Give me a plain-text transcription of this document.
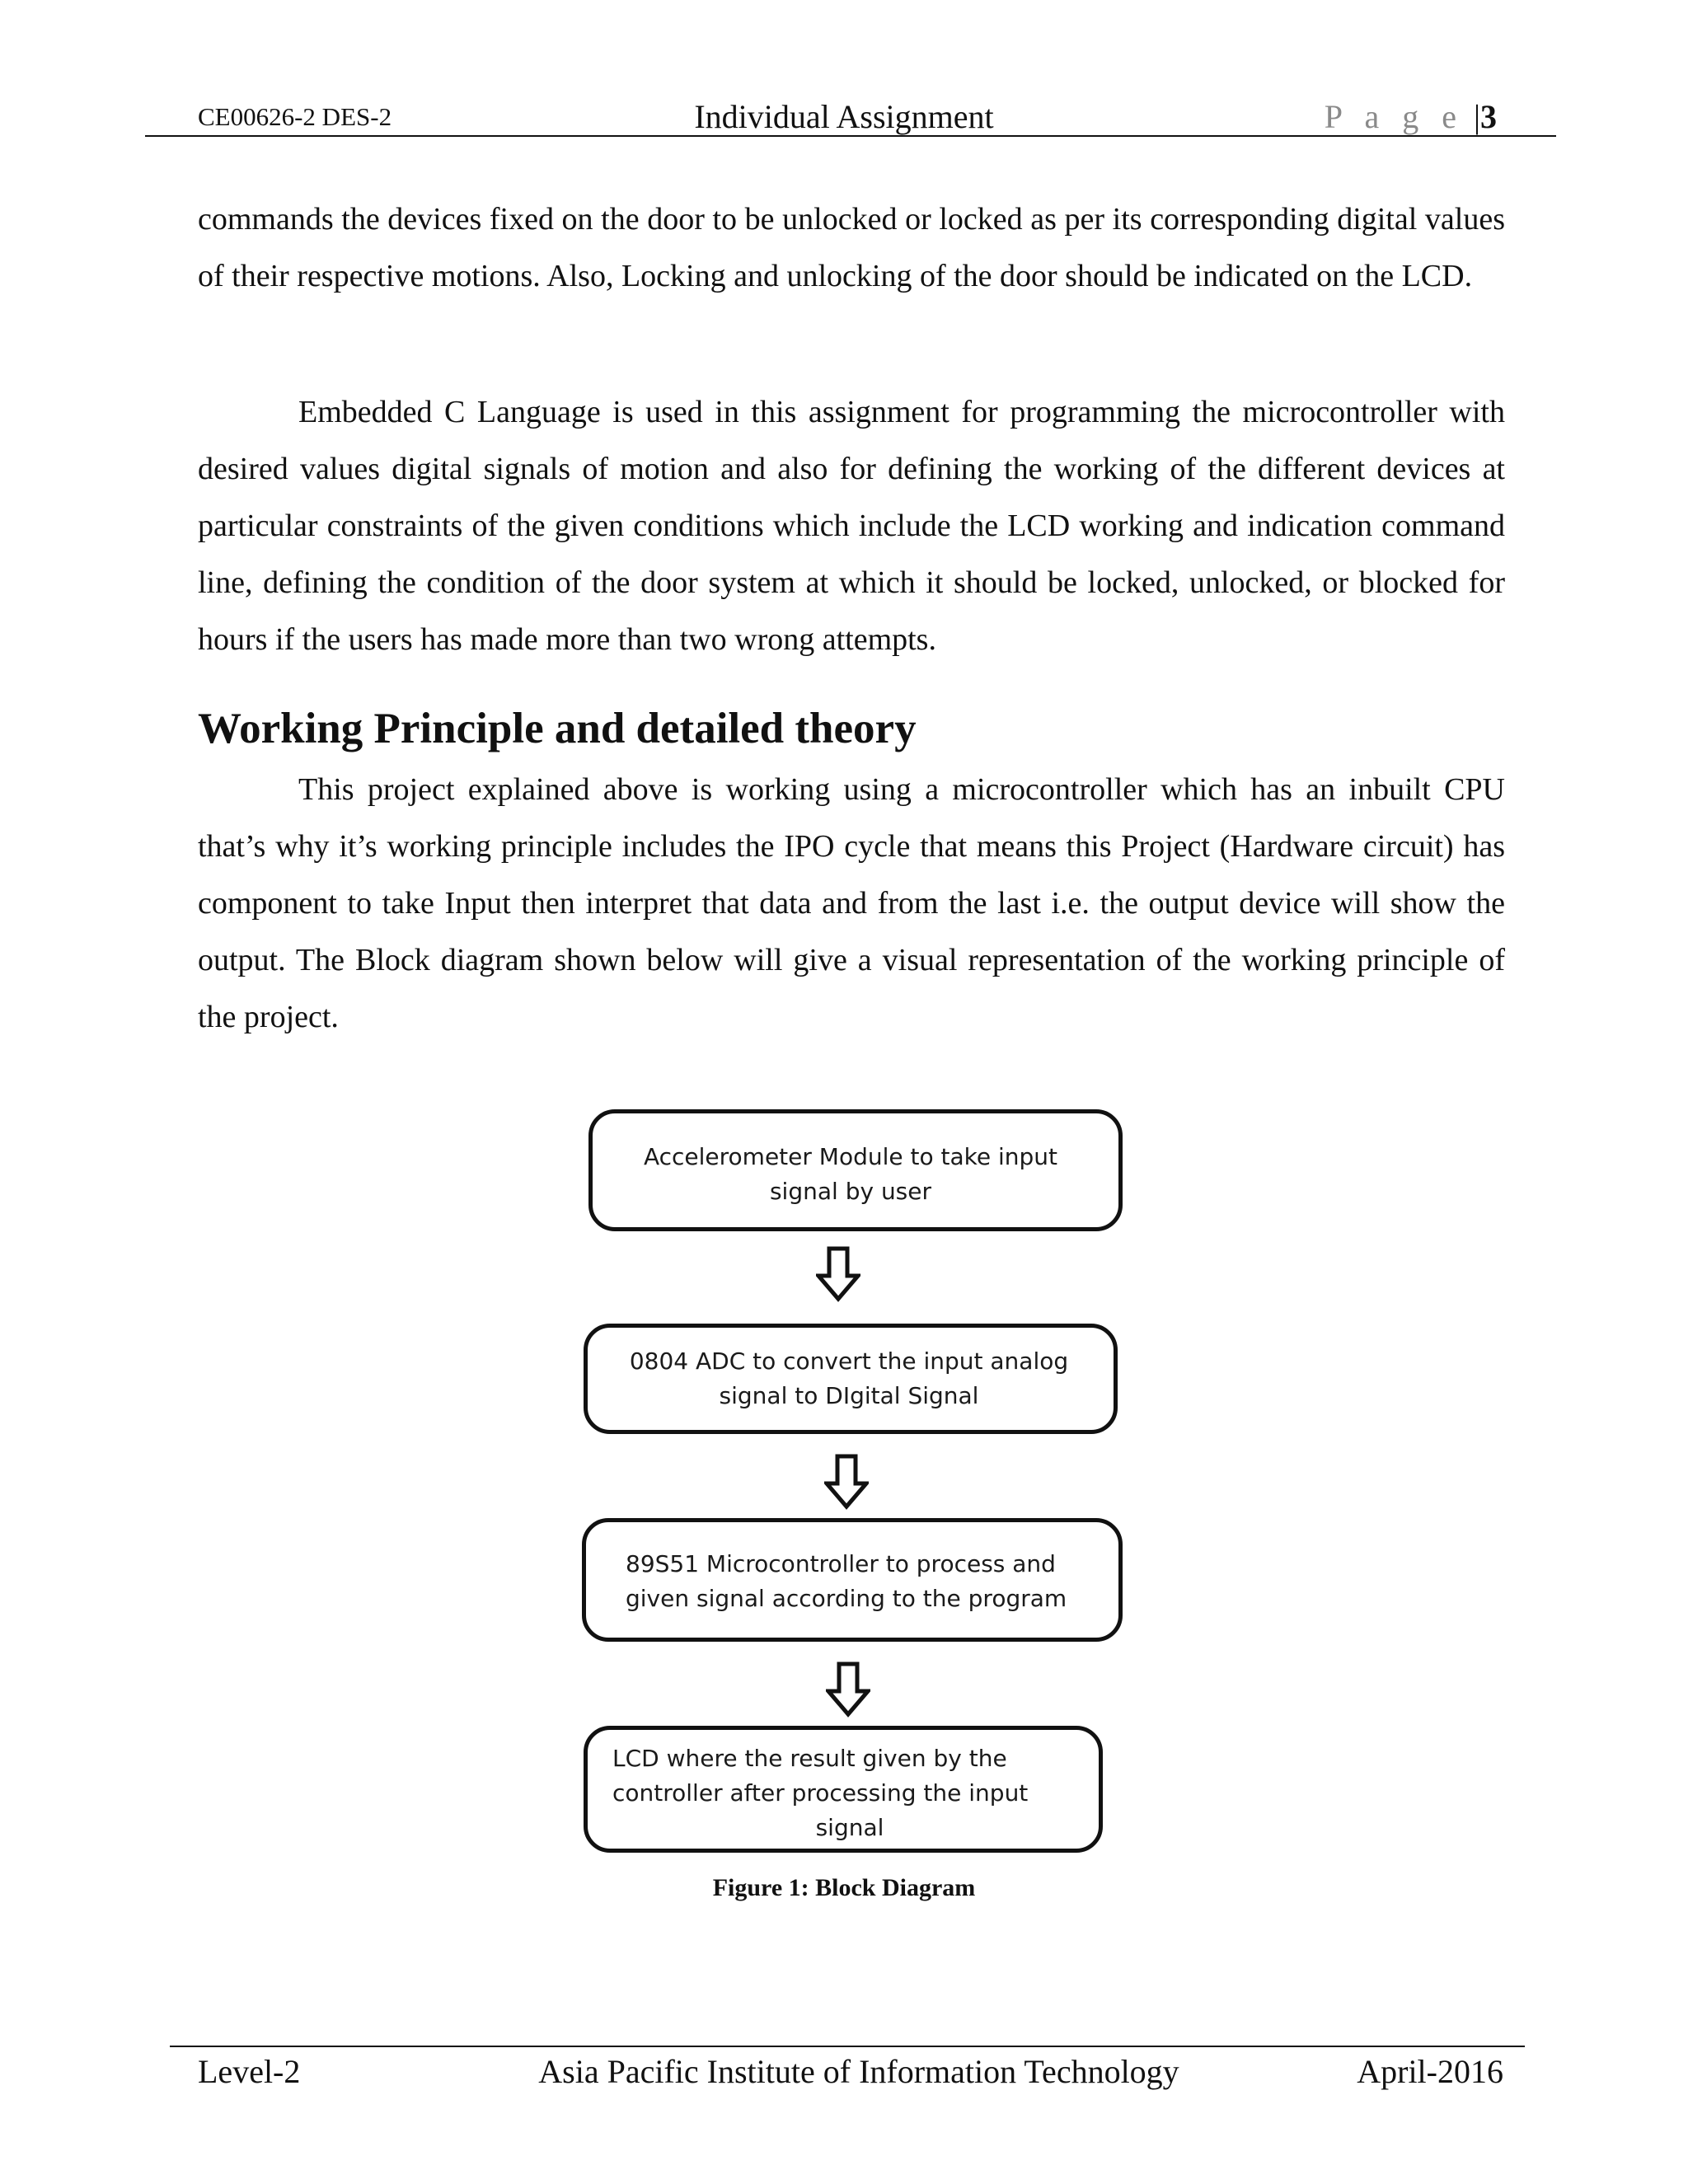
CE00626-2 DES-2	Individual Assignment	P a g e |3

commands the devices fixed on the door to be unlocked or locked as per its corresponding digital values of their respective motions. Also, Locking and unlocking of the door should be indicated on the LCD.

Embedded C Language is used in this assignment for programming the microcontroller with desired values digital signals of motion and also for defining the working of the different devices at particular constraints of the given conditions which include the LCD working and indication command line, defining the condition of the door system at which it should be locked, unlocked, or blocked for hours if the users has made more than two wrong attempts.

Working Principle and detailed theory

This project explained above is working using a microcontroller which has an inbuilt CPU that’s why it’s working principle includes the IPO cycle that means this Project (Hardware circuit) has component to take Input then interpret that data and from the last i.e. the output device will show the output. The Block diagram shown below will give a visual representation of the working principle of the project.

Accelerometer Module to take input
signal by user
0804 ADC to convert the input analog
signal to DIgital Signal
89S51 Microcontroller to process and
given signal according to the program
LCD where the result given by the
controller after processing the input

signal
Figure 1: Block Diagram
Level-2	Asia Pacific Institute of Information Technology	April-2016
